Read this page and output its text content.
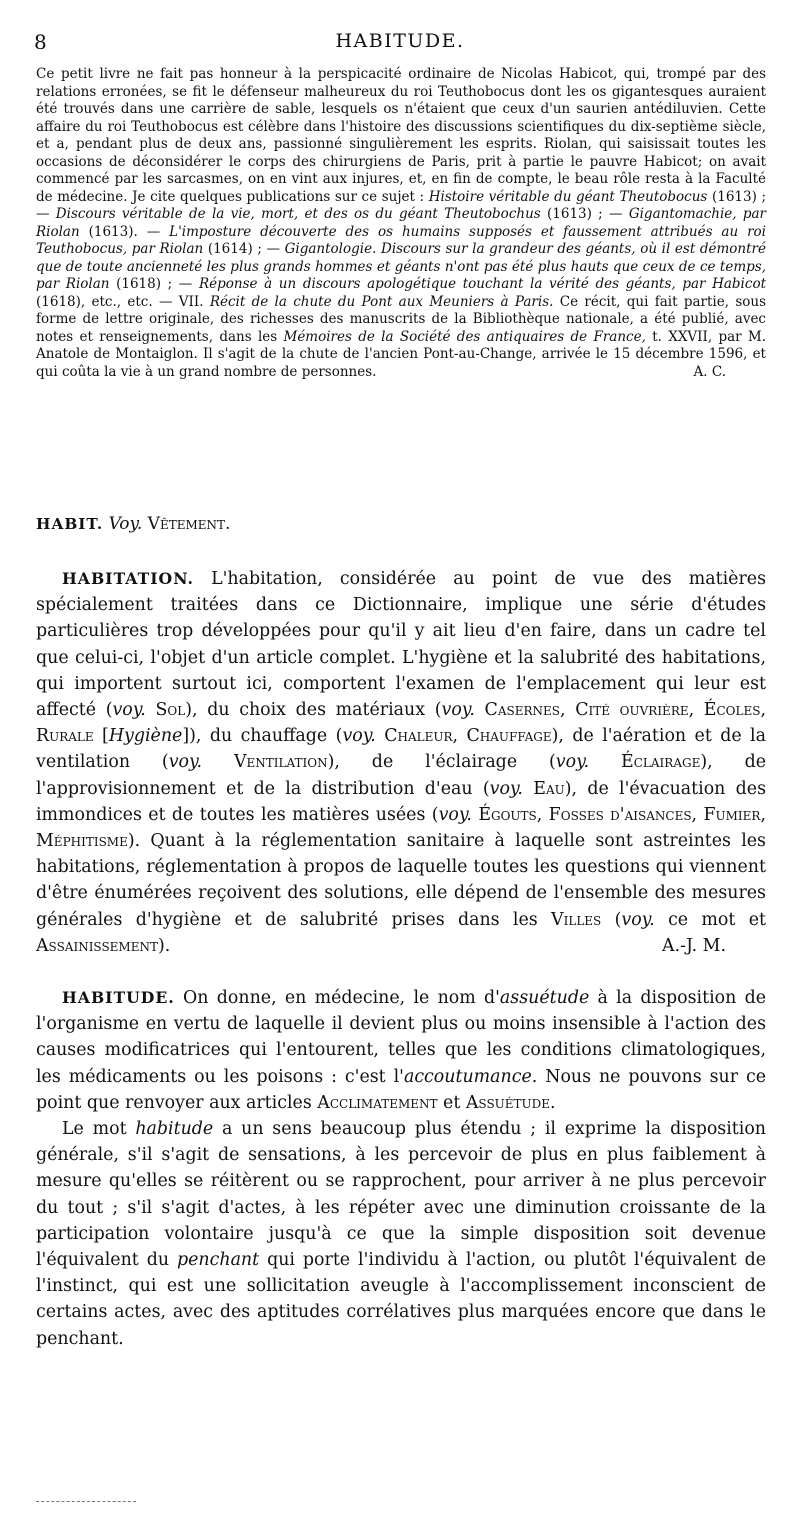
8	HABITUDE.

Ce petit livre ne fait pas honneur à la perspicacité ordinaire de Nicolas Habicot, qui, trompé par des relations erronées, se fit le défenseur malheureux du roi Teuthobocus dont les os gigantesques auraient été trouvés dans une carrière de sable, lesquels os n'étaient que ceux d'un saurien antédiluvien. Cette affaire du roi Teuthobocus est célèbre dans l'histoire des discussions scientifiques du dix-septième siècle, et a, pendant plus de deux ans, passionné singulièrement les esprits. Riolan, qui saisissait toutes les occasions de déconsidérer le corps des chirurgiens de Paris, prit à partie le pauvre Habicot; on avait commencé par les sarcasmes, on en vint aux injures, et, en fin de compte, le beau rôle resta à la Faculté de médecine. Je cite quelques publications sur ce sujet : Histoire véritable du géant Theutobocus (1613) ; — Discours véritable de la vie, mort, et des os du géant Theutobochus (1613) ; — Gigantomachie, par Riolan (1613). — L'imposture découverte des os humains supposés et faussement attribués au roi Teuthobocus, par Riolan (1614) ; — Gigantologie. Discours sur la grandeur des géants, où il est démontré que de toute ancienneté les plus grands hommes et géants n'ont pas été plus hauts que ceux de ce temps, par Riolan (1618) ; — Réponse à un discours apologétique touchant la vérité des géants, par Habicot (1618), etc., etc. — VII. Récit de la chute du Pont aux Meuniers à Paris. Ce récit, qui fait partie, sous forme de lettre originale, des richesses des manuscrits de la Bibliothèque nationale, a été publié, avec notes et renseignements, dans les Mémoires de la Société des antiquaires de France, t. XXVII, par M. Anatole de Montaiglon. Il s'agit de la chute de l'ancien Pont-au-Change, arrivée le 15 décembre 1596, et qui coûta la vie à un grand nombre de personnes.	A. C.

HABIT. Voy. Vêtement.

HABITATION. L'habitation, considérée au point de vue des matières spécialement traitées dans ce Dictionnaire, implique une série d'études particulières trop développées pour qu'il y ait lieu d'en faire, dans un cadre tel que celui-ci, l'objet d'un article complet. L'hygiène et la salubrité des habitations, qui importent surtout ici, comportent l'examen de l'emplacement qui leur est affecté (voy. Sol), du choix des matériaux (voy. Casernes, Cité ouvrière, Écoles, Rurale [Hygiène]), du chauffage (voy. Chaleur, Chauffage), de l'aération et de la ventilation (voy. Ventilation), de l'éclairage (voy. Éclairage), de l'approvisionnement et de la distribution d'eau (voy. Eau), de l'évacuation des immondices et de toutes les matières usées (voy. Égouts, Fosses d'aisances, Fumier, Méphitisme). Quant à la réglementation sanitaire à laquelle sont astreintes les habitations, réglementation à propos de laquelle toutes les questions qui viennent d'être énumérées reçoivent des solutions, elle dépend de l'ensemble des mesures générales d'hygiène et de salubrité prises dans les Villes (voy. ce mot et Assainissement).	A.-J. M.

HABITUDE. On donne, en médecine, le nom d'assuétude à la disposition de l'organisme en vertu de laquelle il devient plus ou moins insensible à l'action des causes modificatrices qui l'entourent, telles que les conditions climatologiques, les médicaments ou les poisons : c'est l'accoutumance. Nous ne pouvons sur ce point que renvoyer aux articles Acclimatement et Assuétude.

Le mot habitude a un sens beaucoup plus étendu ; il exprime la disposition générale, s'il s'agit de sensations, à les percevoir de plus en plus faiblement à mesure qu'elles se réitèrent ou se rapprochent, pour arriver à ne plus percevoir du tout ; s'il s'agit d'actes, à les répéter avec une diminution croissante de la participation volontaire jusqu'à ce que la simple disposition soit devenue l'équivalent du penchant qui porte l'individu à l'action, ou plutôt l'équivalent de l'instinct, qui est une sollicitation aveugle à l'accomplissement inconscient de certains actes, avec des aptitudes corrélatives plus marquées encore que dans le penchant.
